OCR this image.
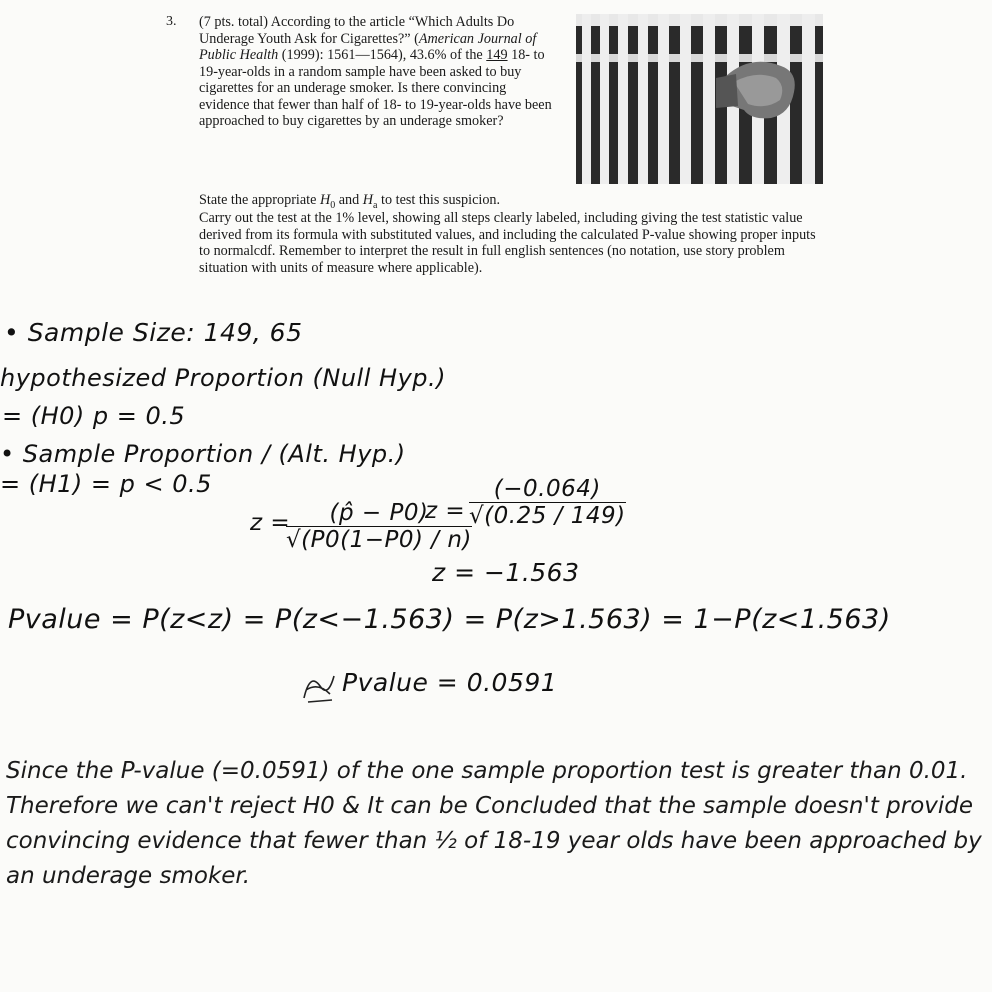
3. (7 pts. total) According to the article “Which Adults Do Underage Youth Ask for Cigarettes?” (American Journal of Public Health (1999): 1561—1564), 43.6% of the 149 18- to 19-year-olds in a random sample have been asked to buy cigarettes for an underage smoker. Is there convincing evidence that fewer than half of 18- to 19-year-olds have been approached to buy cigarettes by an underage smoker?
State the appropriate $H_0$ and $H_a$ to test this suspicion.
Carry out the test at the 1% level, showing all steps clearly labeled, including giving the test statistic value derived from its formula with substituted values, and including the calculated P-value showing proper inputs to normalcdf. Remember to interpret the result in full english sentences (no notation, use story problem situation with units of measure where applicable).
• Sample Size: 149, 65
hypothesized Proportion (Null Hyp.)
= (H0) p = 0.5
• Sample Proportion / (Alt. Hyp.)
= (H1) = p < 0.5
z =
$\frac{(p̂ - P0)}{√(P0(1-P0) / n)}$
$z = \frac{(-0.064)}{√(0.25 / 149)}$
z = −1.563
Pvalue = P(z<z) = P(z<−1.563) = P(z>1.563) = 1−P(z<1.563)
Pvalue = 0.0591
Since the P-value (=0.0591) of the one sample proportion test is greater than 0.01. Therefore we can't reject H0 & It can be Concluded that the sample doesn't provide convincing evidence that fewer than ½ of 18-19 year olds have been approached by an underage smoker.
